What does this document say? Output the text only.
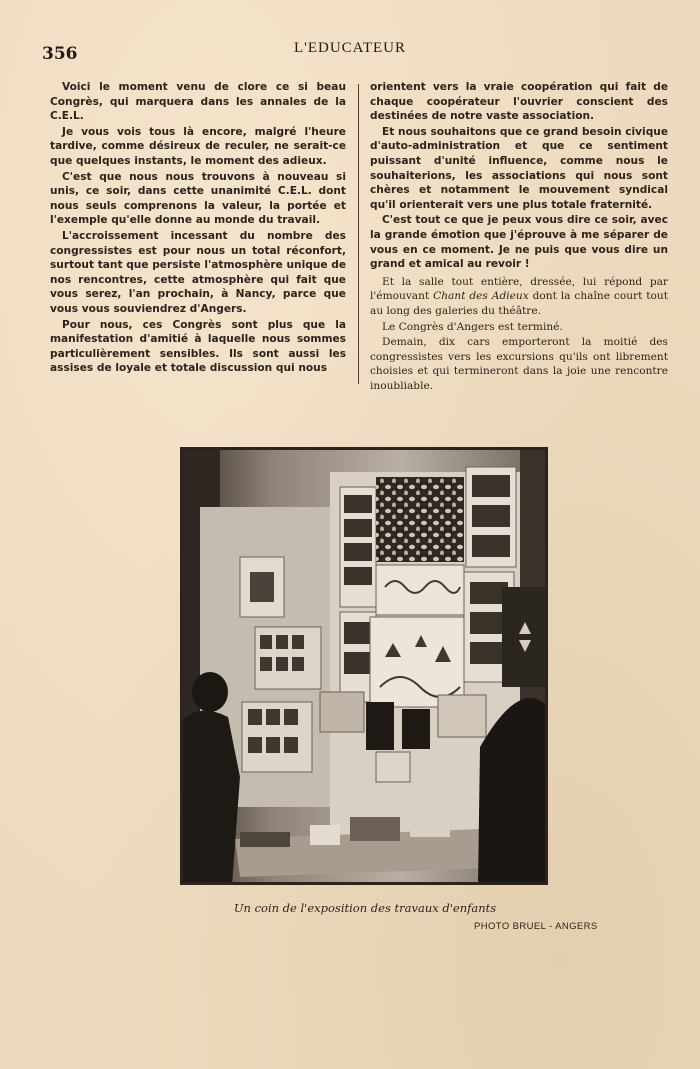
356	L'EDUCATEUR

Voici le moment venu de clore ce si beau Congrès, qui marquera dans les annales de la C.E.L.

Je vous vois tous là encore, malgré l'heure tardive, comme désireux de reculer, ne serait-ce que quelques instants, le moment des adieux.

C'est que nous nous trouvons à nouveau si unis, ce soir, dans cette unanimité C.E.L. dont nous seuls comprenons la valeur, la portée et l'exemple qu'elle donne au monde du travail.

L'accroissement incessant du nombre des congressistes est pour nous un total réconfort, surtout tant que persiste l'atmosphère unique de nos rencontres, cette atmosphère qui fait que vous serez, l'an prochain, à Nancy, parce que vous vous souviendrez d'Angers.

Pour nous, ces Congrès sont plus que la manifestation d'amitié à laquelle nous sommes particulièrement sensibles. Ils sont aussi les assises de loyale et totale discussion qui nous

orientent vers la vraie coopération qui fait de chaque coopérateur l'ouvrier conscient des destinées de notre vaste association.

Et nous souhaitons que ce grand besoin civique d'auto-administration et que ce sentiment puissant d'unité influence, comme nous le souhaiterions, les associations qui nous sont chères et notamment le mouvement syndical qu'il orienterait vers une plus totale fraternité.

C'est tout ce que je peux vous dire ce soir, avec la grande émotion que j'éprouve à me séparer de vous en ce moment. Je ne puis que vous dire un grand et amical au revoir !

Et la salle tout entière, dressée, lui répond par l'émouvant Chant des Adieux dont la chaîne court tout au long des galeries du théâtre.

Le Congrès d'Angers est terminé.

Demain, dix cars emporteront la moitié des congressistes vers les excursions qu'ils ont librement choisies et qui termineront dans la joie une rencontre inoubliable.

Un coin de l'exposition des travaux d'enfants
PHOTO BRUEL - ANGERS
